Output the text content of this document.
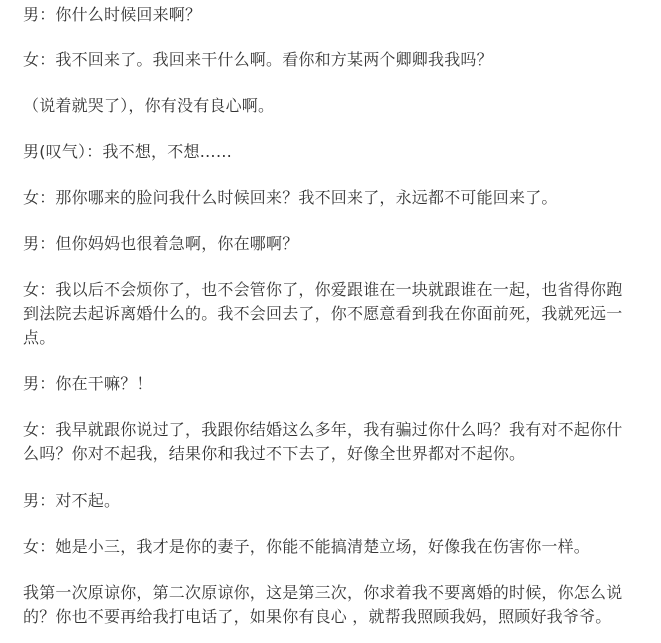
男：你什么时候回来啊？

女：我不回来了。我回来干什么啊。看你和方某两个卿卿我我吗？

（说着就哭了），你有没有良心啊。

男(叹气）：我不想，不想……

女：那你哪来的脸问我什么时候回来？我不回来了，永远都不可能回来了。

男：但你妈妈也很着急啊，你在哪啊？

女：我以后不会烦你了，也不会管你了，你爱跟谁在一块就跟谁在一起，也省得你跑到法院去起诉离婚什么的。我不会回去了，你不愿意看到我在你面前死，我就死远一点。

男：你在干嘛？！

女：我早就跟你说过了，我跟你结婚这么多年，我有骗过你什么吗？我有对不起你什么吗？你对不起我，结果你和我过不下去了，好像全世界都对不起你。

男：对不起。

女：她是小三，我才是你的妻子，你能不能搞清楚立场，好像我在伤害你一样。

我第一次原谅你，第二次原谅你，这是第三次，你求着我不要离婚的时候，你怎么说的？你也不要再给我打电话了，如果你有良心 ，就帮我照顾我妈，照顾好我爷爷。
